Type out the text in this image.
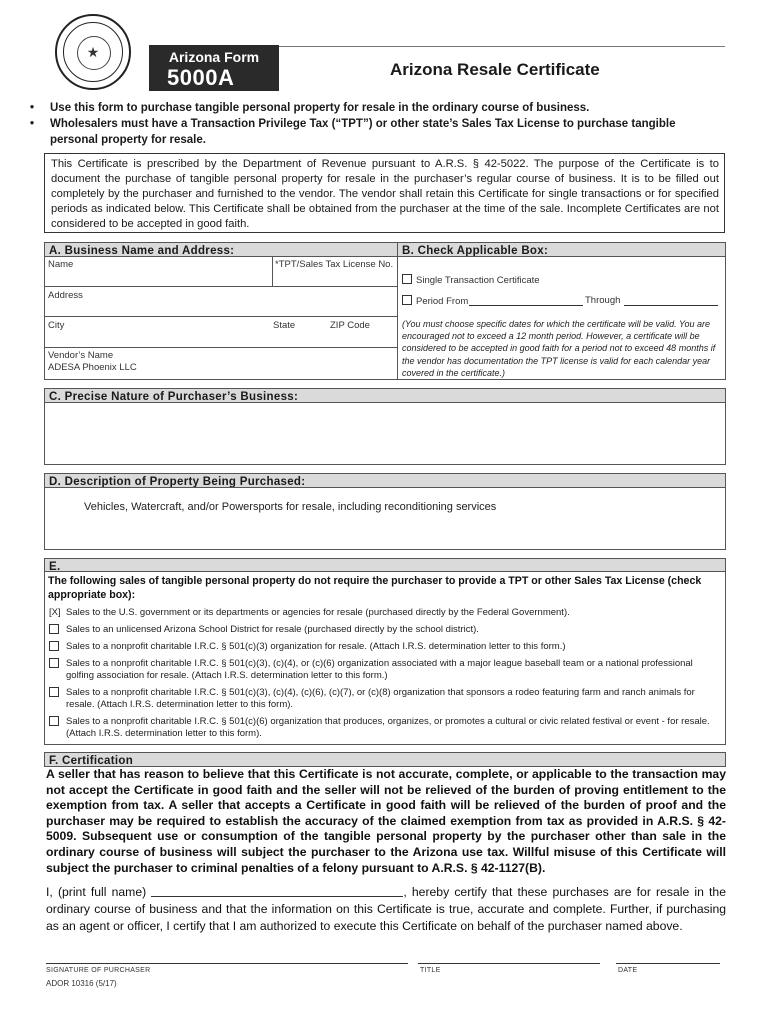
★	Arizona Form
5000A	Arizona Resale Certificate
• Use this form to purchase tangible personal property for resale in the ordinary course of business.
• Wholesalers must have a Transaction Privilege Tax (“TPT”) or other state’s Sales Tax License to purchase tangible personal property for resale.

This Certificate is prescribed by the Department of Revenue pursuant to A.R.S. § 42-5022. The purpose of the Certificate is to document the purchase of tangible personal property for resale in the purchaser’s regular course of business. It is to be filled out completely by the purchaser and furnished to the vendor. The vendor shall retain this Certificate for single transactions or for specified periods as indicated below. This Certificate shall be obtained from the purchaser at the time of the sale. Incomplete Certificates are not considered to be accepted in good faith.

A. Business Name and Address:	B. Check Applicable Box:
Name	*TPT/Sales Tax License No.
Address
City	State	ZIP Code
Vendor’s Name
ADESA Phoenix LLC
Single Transaction Certificate
Period From	Through
(You must choose specific dates for which the certificate will be valid. You are encouraged not to exceed a 12 month period. However, a certificate will be considered to be accepted in good faith for a period not to exceed 48 months if the vendor has documentation the TPT license is valid for each calendar year covered in the certificate.)
C. Precise Nature of Purchaser’s Business:
D. Description of Property Being Purchased:
Vehicles, Watercraft, and/or Powersports for resale, including reconditioning services
E.
The following sales of tangible personal property do not require the purchaser to provide a TPT or other Sales Tax License (check appropriate box):
[X] Sales to the U.S. government or its departments or agencies for resale (purchased directly by the Federal Government).
Sales to an unlicensed Arizona School District for resale (purchased directly by the school district).
Sales to a nonprofit charitable I.R.C. § 501(c)(3) organization for resale. (Attach I.R.S. determination letter to this form.)
Sales to a nonprofit charitable I.R.C. § 501(c)(3), (c)(4), or (c)(6) organization associated with a major league baseball team or a national professional golfing association for resale. (Attach I.R.S. determination letter to this form.)
Sales to a nonprofit charitable I.R.C. § 501(c)(3), (c)(4), (c)(6), (c)(7), or (c)(8) organization that sponsors a rodeo featuring farm and ranch animals for resale. (Attach I.R.S. determination letter to this form).
Sales to a nonprofit charitable I.R.C. § 501(c)(6) organization that produces, organizes, or promotes a cultural or civic related festival or event - for resale. (Attach I.R.S. determination letter to this form).
F. Certification
A seller that has reason to believe that this Certificate is not accurate, complete, or applicable to the transaction may not accept the Certificate in good faith and the seller will not be relieved of the burden of proving entitlement to the exemption from tax. A seller that accepts a Certificate in good faith will be relieved of the burden of proof and the purchaser may be required to establish the accuracy of the claimed exemption from tax as provided in A.R.S. § 42-5009. Subsequent use or consumption of the tangible personal property by the purchaser other than sale in the ordinary course of business will subject the purchaser to the Arizona use tax. Willful misuse of this Certificate will subject the purchaser to criminal penalties of a felony pursuant to A.R.S. § 42-1127(B).
I, (print full name)	, hereby certify that these purchases are for resale in the ordinary course of business and that the information on this Certificate is true, accurate and complete. Further, if purchasing as an agent or officer, I certify that I am authorized to execute this Certificate on behalf of the purchaser named above.
SIGNATURE OF PURCHASER	TITLE	DATE
ADOR 10316 (5/17)
